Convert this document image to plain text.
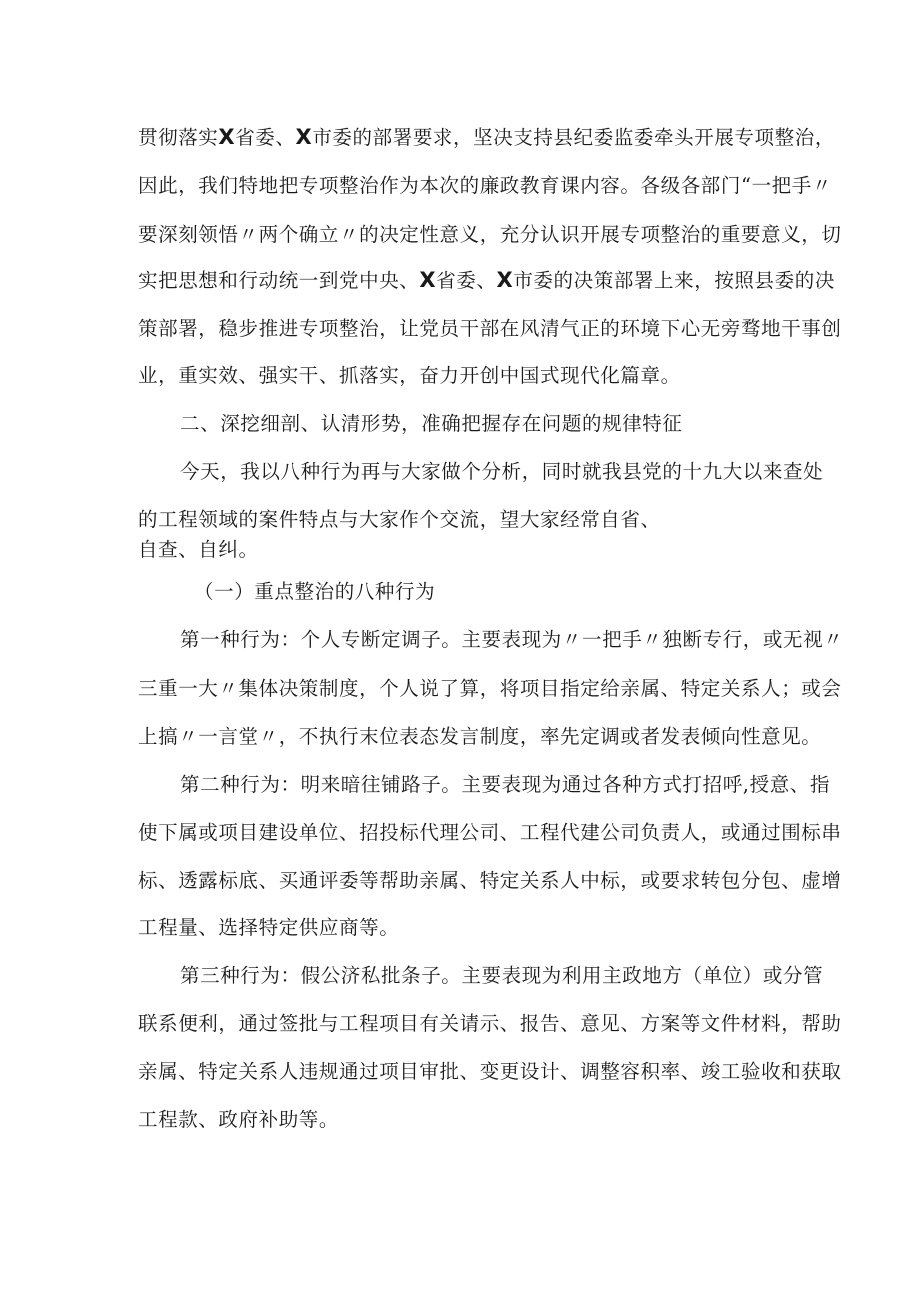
贯彻落实X省委、X市委的部署要求，坚决支持县纪委监委牵头开展专项整治，
因此，我们特地把专项整治作为本次的廉政教育课内容。各级各部门“一把手〃
要深刻领悟〃两个确立〃的决定性意义，充分认识开展专项整治的重要意义，切
实把思想和行动统一到党中央、X省委、X市委的决策部署上来，按照县委的决
策部署，稳步推进专项整治，让党员干部在风清气正的环境下心无旁骛地干事创
业，重实效、强实干、抓落实，奋力开创中国式现代化篇章。
二、深挖细剖、认清形势，准确把握存在问题的规律特征
今天，我以八种行为再与大家做个分析，同时就我县党的十九大以来查处
的工程领域的案件特点与大家作个交流，望大家经常自省、
自查、自纠。
（一）重点整治的八种行为
第一种行为：个人专断定调子。主要表现为〃一把手〃独断专行，或无视〃
三重一大〃集体决策制度，个人说了算，将项目指定给亲属、特定关系人；或会
上搞〃一言堂〃，不执行末位表态发言制度，率先定调或者发表倾向性意见。
第二种行为：明来暗往铺路子。主要表现为通过各种方式打招呼,授意、指
使下属或项目建设单位、招投标代理公司、工程代建公司负责人，或通过围标串
标、透露标底、买通评委等帮助亲属、特定关系人中标，或要求转包分包、虚增
工程量、选择特定供应商等。
第三种行为：假公济私批条子。主要表现为利用主政地方（单位）或分管
联系便利，通过签批与工程项目有关请示、报告、意见、方案等文件材料，帮助
亲属、特定关系人违规通过项目审批、变更设计、调整容积率、竣工验收和获取
工程款、政府补助等。
